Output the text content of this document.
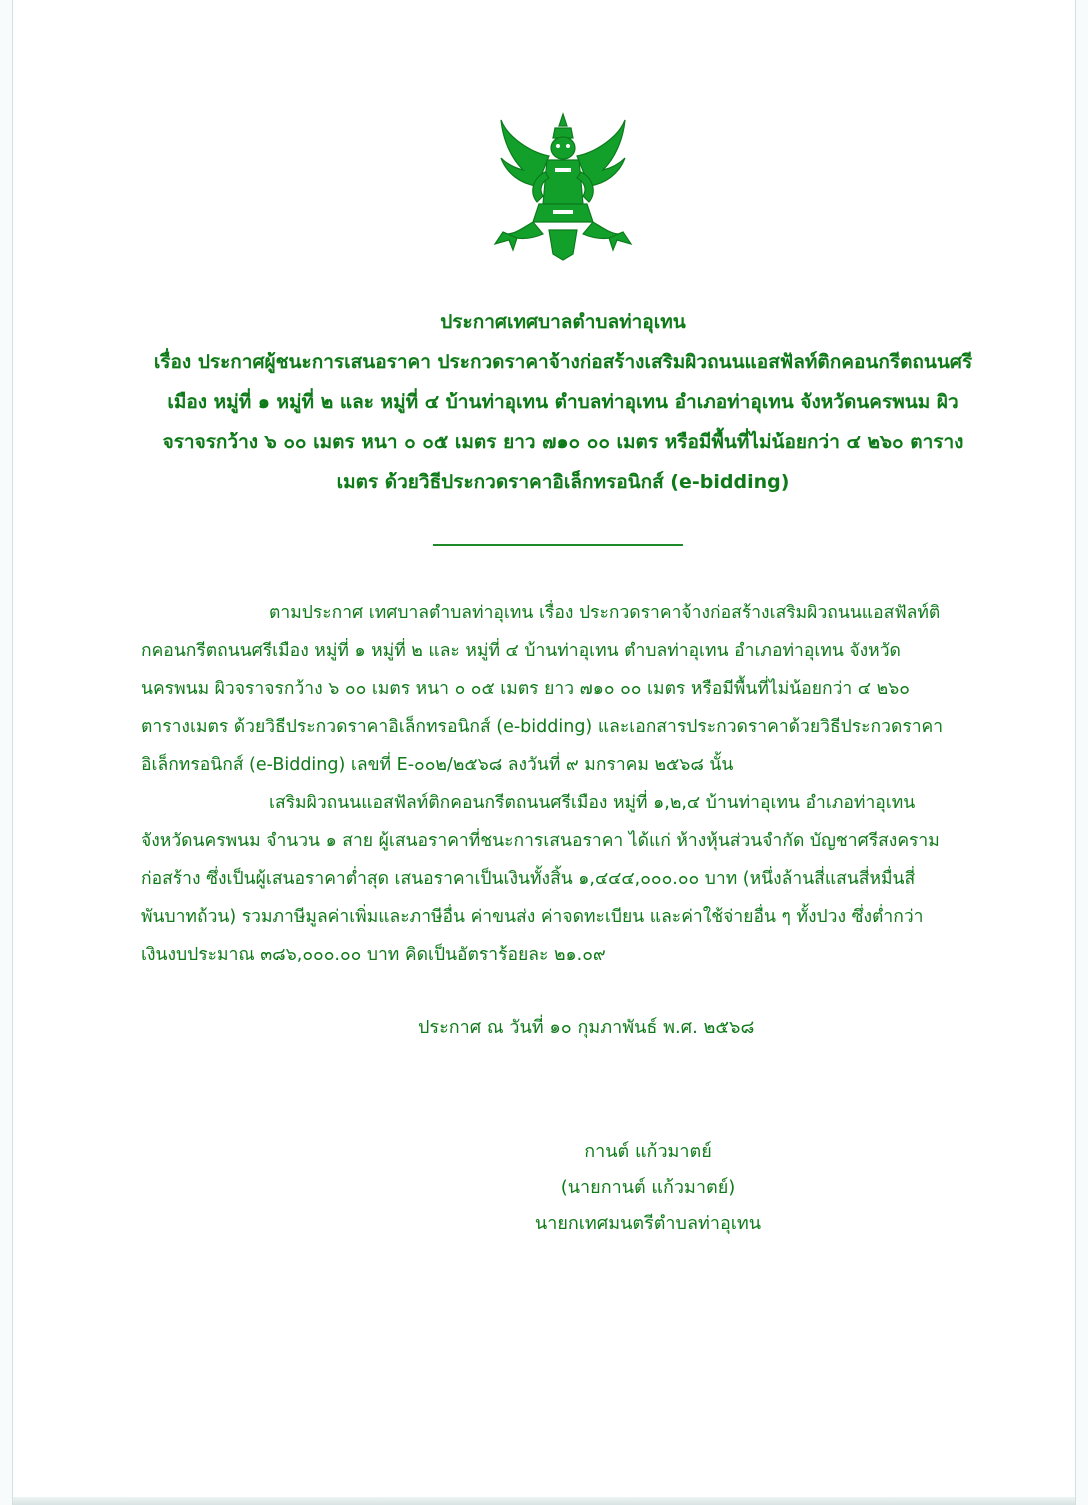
ประกาศเทศบาลตำบลท่าอุเทน
เรื่อง ประกาศผู้ชนะการเสนอราคา ประกวดราคาจ้างก่อสร้างเสริมผิวถนนแอสฟัลท์ติกคอนกรีตถนนศรี
เมือง หมู่ที่ ๑ หมู่ที่ ๒ และ หมู่ที่ ๔ บ้านท่าอุเทน ตำบลท่าอุเทน อำเภอท่าอุเทน จังหวัดนครพนม ผิว
จราจรกว้าง ๖ ๐๐ เมตร หนา ๐ ๐๕ เมตร ยาว ๗๑๐ ๐๐ เมตร หรือมีพื้นที่ไม่น้อยกว่า ๔ ๒๖๐ ตาราง
เมตร ด้วยวิธีประกวดราคาอิเล็กทรอนิกส์ (e-bidding)
ตามประกาศ เทศบาลตำบลท่าอุเทน เรื่อง ประกวดราคาจ้างก่อสร้างเสริมผิวถนนแอสฟัลท์ติ
กคอนกรีตถนนศรีเมือง หมู่ที่ ๑ หมู่ที่ ๒ และ หมู่ที่ ๔ บ้านท่าอุเทน ตำบลท่าอุเทน อำเภอท่าอุเทน จังหวัด
นครพนม ผิวจราจรกว้าง ๖ ๐๐ เมตร หนา ๐ ๐๕ เมตร ยาว ๗๑๐ ๐๐ เมตร หรือมีพื้นที่ไม่น้อยกว่า ๔ ๒๖๐
ตารางเมตร ด้วยวิธีประกวดราคาอิเล็กทรอนิกส์ (e-bidding) และเอกสารประกวดราคาด้วยวิธีประกวดราคา
อิเล็กทรอนิกส์ (e-Bidding) เลขที่ E-๐๐๒/๒๕๖๘ ลงวันที่ ๙ มกราคม ๒๕๖๘ นั้น
เสริมผิวถนนแอสฟัลท์ติกคอนกรีตถนนศรีเมือง หมู่ที่ ๑,๒,๔ บ้านท่าอุเทน อำเภอท่าอุเทน
จังหวัดนครพนม จำนวน ๑ สาย ผู้เสนอราคาที่ชนะการเสนอราคา ได้แก่ ห้างหุ้นส่วนจำกัด บัญชาศรีสงคราม
ก่อสร้าง ซึ่งเป็นผู้เสนอราคาต่ำสุด เสนอราคาเป็นเงินทั้งสิ้น ๑,๔๔๔,๐๐๐.๐๐ บาท (หนึ่งล้านสี่แสนสี่หมื่นสี่
พันบาทถ้วน) รวมภาษีมูลค่าเพิ่มและภาษีอื่น ค่าขนส่ง ค่าจดทะเบียน และค่าใช้จ่ายอื่น ๆ ทั้งปวง ซึ่งต่ำกว่า
เงินงบประมาณ ๓๘๖,๐๐๐.๐๐ บาท คิดเป็นอัตราร้อยละ ๒๑.๐๙
ประกาศ ณ วันที่ ๑๐ กุมภาพันธ์ พ.ศ. ๒๕๖๘
กานต์ แก้วมาตย์
(นายกานต์ แก้วมาตย์)
นายกเทศมนตรีตำบลท่าอุเทน
